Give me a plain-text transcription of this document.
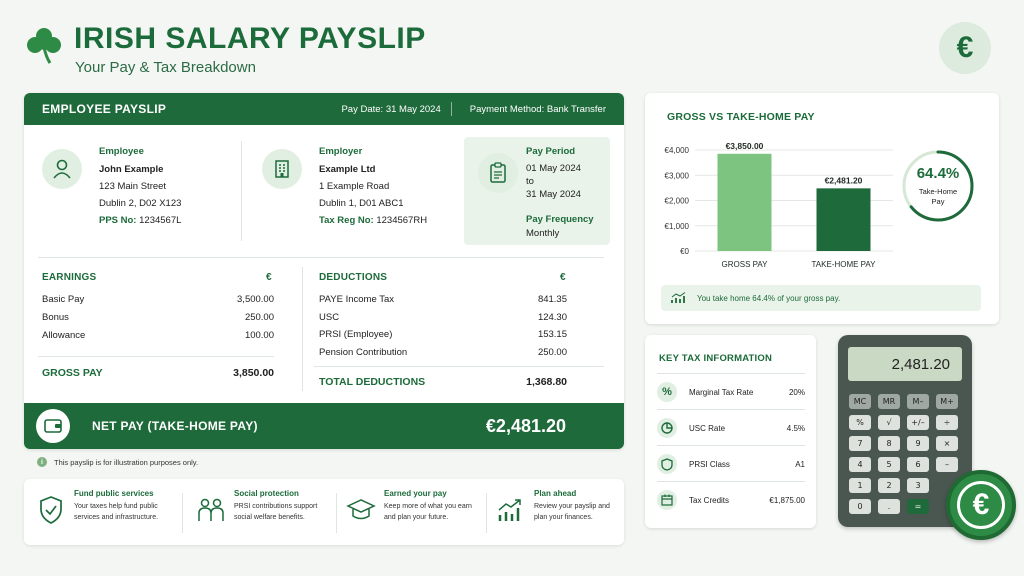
IRISH SALARY PAYSLIP
Your Pay & Tax Breakdown
€
EMPLOYEE PAYSLIP	Pay Date: 31 May 2024	Payment Method: Bank Transfer
Employee
John Example
123 Main Street
Dublin 2, D02 X123
PPS No: 1234567L
Employer
Example Ltd
1 Example Road
Dublin 1, D01 ABC1
Tax Reg No: 1234567RH
Pay Period
01 May 2024
to
31 May 2024
Pay Frequency
Monthly
EARNINGS	€
Basic Pay	3,500.00
Bonus	250.00
Allowance	100.00
GROSS PAY	3,850.00
DEDUCTIONS	€
PAYE Income Tax	841.35
USC	124.30
PRSI (Employee)	153.15
Pension Contribution	250.00
TOTAL DEDUCTIONS	1,368.80
NET PAY (TAKE-HOME PAY)	€2,481.20
i	This payslip is for illustration purposes only.
Fund public services
Your taxes help fund public
services and infrastructure.
Social protection
PRSI contributions support
social welfare benefits.
Earned your pay
Keep more of what you earn
and plan your future.
Plan ahead
Review your payslip and
plan your finances.
GROSS VS TAKE-HOME PAY
€0
€1,000
€2,000
€3,000
€4,000	€3,850.00
GROSS PAY
€2,481.20
TAKE-HOME PAY
64.4%
Take-Home
Pay
You take home 64.4% of your gross pay.
KEY TAX INFORMATION
%	Marginal Tax Rate	20%
USC Rate	4.5%
PRSI Class	A1
Tax Credits	€1,875.00
2,481.20
MC	MR	M–	M+
%	√	+/–	÷
7	8	9	×
4	5	6	–
1	2	3
0	.	=	€
